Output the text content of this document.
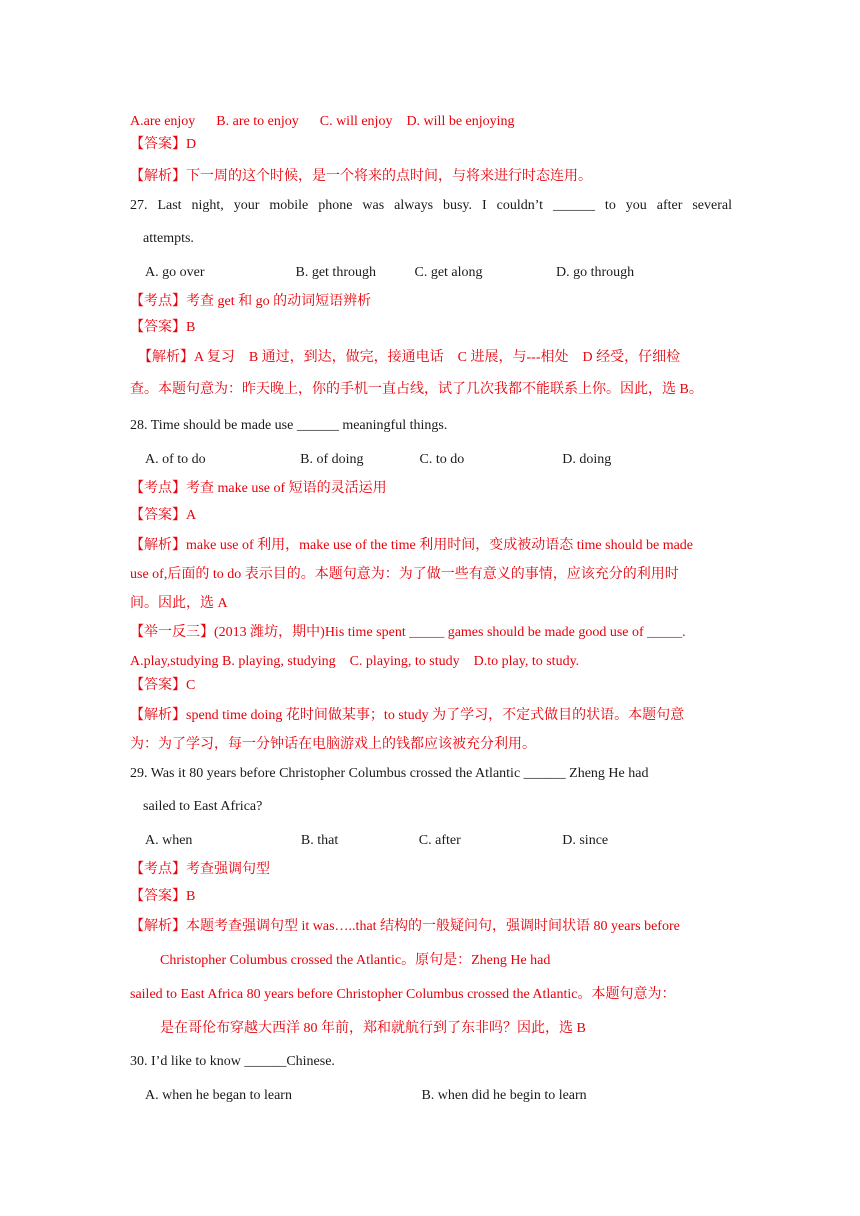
A.are enjoy      B. are to enjoy      C. will enjoy    D. will be enjoying
【答案】D
【解析】下一周的这个时候，是一个将来的点时间，与将来进行时态连用。
27. Last night, your mobile phone was always busy. I couldn’t ______ to you after several
attempts.
A. go over                          B. get through           C. get along                     D. go through
【考点】考查 get 和 go 的动词短语辨析
【答案】B
【解析】A 复习    B 通过，到达，做完，接通电话    C 进展，与---相处    D 经受，仔细检
查。本题句意为：昨天晚上，你的手机一直占线，试了几次我都不能联系上你。因此，选 B。
28. Time should be made use ______ meaningful things.
A. of to do                           B. of doing                C. to do                            D. doing
【考点】考查 make use of 短语的灵活运用
【答案】A
【解析】make use of 利用，make use of the time 利用时间，变成被动语态 time should be made
use of,后面的 to do 表示目的。本题句意为：为了做一些有意义的事情，应该充分的利用时
间。因此，选 A
【举一反三】(2013 潍坊，期中)His time spent _____ games should be made good use of _____.
A.play,studying B. playing, studying    C. playing, to study    D.to play, to study.
【答案】C
【解析】spend time doing 花时间做某事；to study 为了学习，不定式做目的状语。本题句意
为：为了学习，每一分钟话在电脑游戏上的钱都应该被充分利用。
29. Was it 80 years before Christopher Columbus crossed the Atlantic ______ Zheng He had
sailed to East Africa?
A. when                               B. that                       C. after                             D. since
【考点】考查强调句型
【答案】B
【解析】本题考查强调句型 it was…..that 结构的一般疑问句，强调时间状语 80 years before
Christopher Columbus crossed the Atlantic。原句是：Zheng He had
sailed to East Africa 80 years before Christopher Columbus crossed the Atlantic。本题句意为：
是在哥伦布穿越大西洋 80 年前，郑和就航行到了东非吗？因此，选 B
30. I’d like to know ______Chinese.
A. when he began to learn                                     B. when did he begin to learn
